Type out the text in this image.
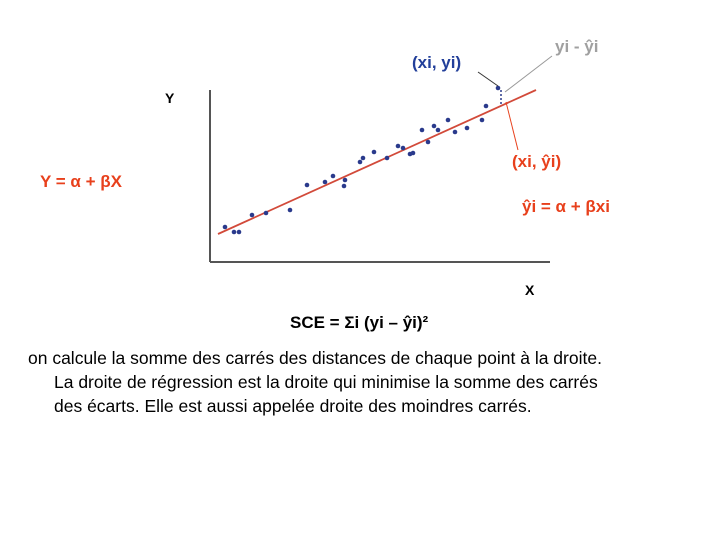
Y
X
(xi, yi)
yi - ŷi
Y = α + βX
(xi, ŷi)
ŷi = α + βxi
SCE = Σi (yi – ŷi)²
on calcule la somme des carrés des distances de chaque point à la droite.
La droite de régression est la droite qui minimise la somme des carrés
des écarts. Elle est aussi appelée droite des moindres carrés.
